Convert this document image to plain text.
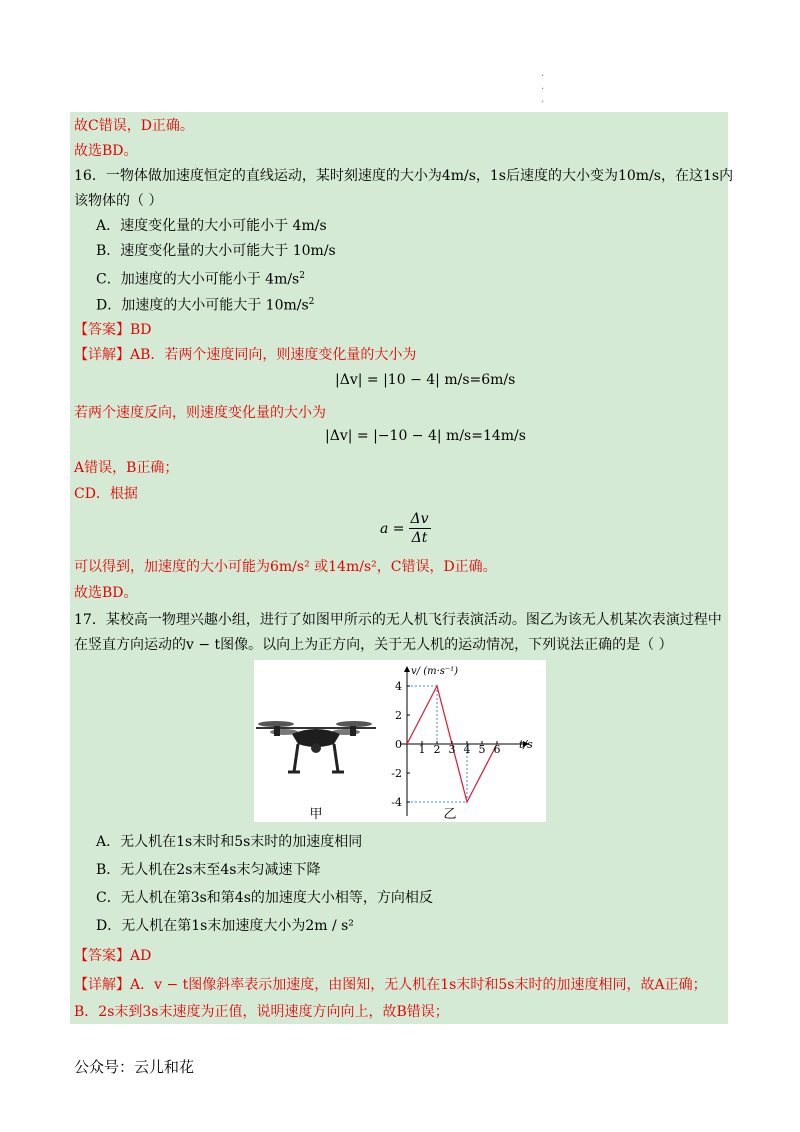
·
·
·
故C错误，D正确。
故选BD。
16．一物体做加速度恒定的直线运动，某时刻速度的大小为4m/s，1s后速度的大小变为10m/s，在这1s内
该物体的（ ）
A．速度变化量的大小可能小于 4m/s
B．速度变化量的大小可能大于 10m/s
C．加速度的大小可能小于 $4m/s^2$
D．加速度的大小可能大于 $10m/s^2$
【答案】BD
【详解】AB．若两个速度同向，则速度变化量的大小为
|Δv| = |10 − 4| m/s=6m/s
若两个速度反向，则速度变化量的大小为
|Δv| = |−10 − 4| m/s=14m/s
A错误，B正确；
CD．根据
$a = \frac{\Delta v}{\Delta t}$
可以得到，加速度的大小可能为6m/s² 或14m/s²，C错误，D正确。
故选BD。
17．某校高一物理兴趣小组，进行了如图甲所示的无人机飞行表演活动。图乙为该无人机某次表演过程中
在竖直方向运动的v − t图像。以向上为正方向，关于无人机的运动情况，下列说法正确的是（ ）
1 2 3 4 5 6
4
2
0
-2
-4
v/ (m·s⁻¹)
t/s
甲	乙
A．无人机在1s末时和5s末时的加速度相同
B．无人机在2s末至4s末匀减速下降
C．无人机在第3s和第4s的加速度大小相等，方向相反
D．无人机在第1s末加速度大小为2m / s²
【答案】AD
【详解】A．v − t图像斜率表示加速度，由图知，无人机在1s末时和5s末时的加速度相同，故A正确；
B．2s末到3s末速度为正值，说明速度方向向上，故B错误；
公众号：云儿和花
